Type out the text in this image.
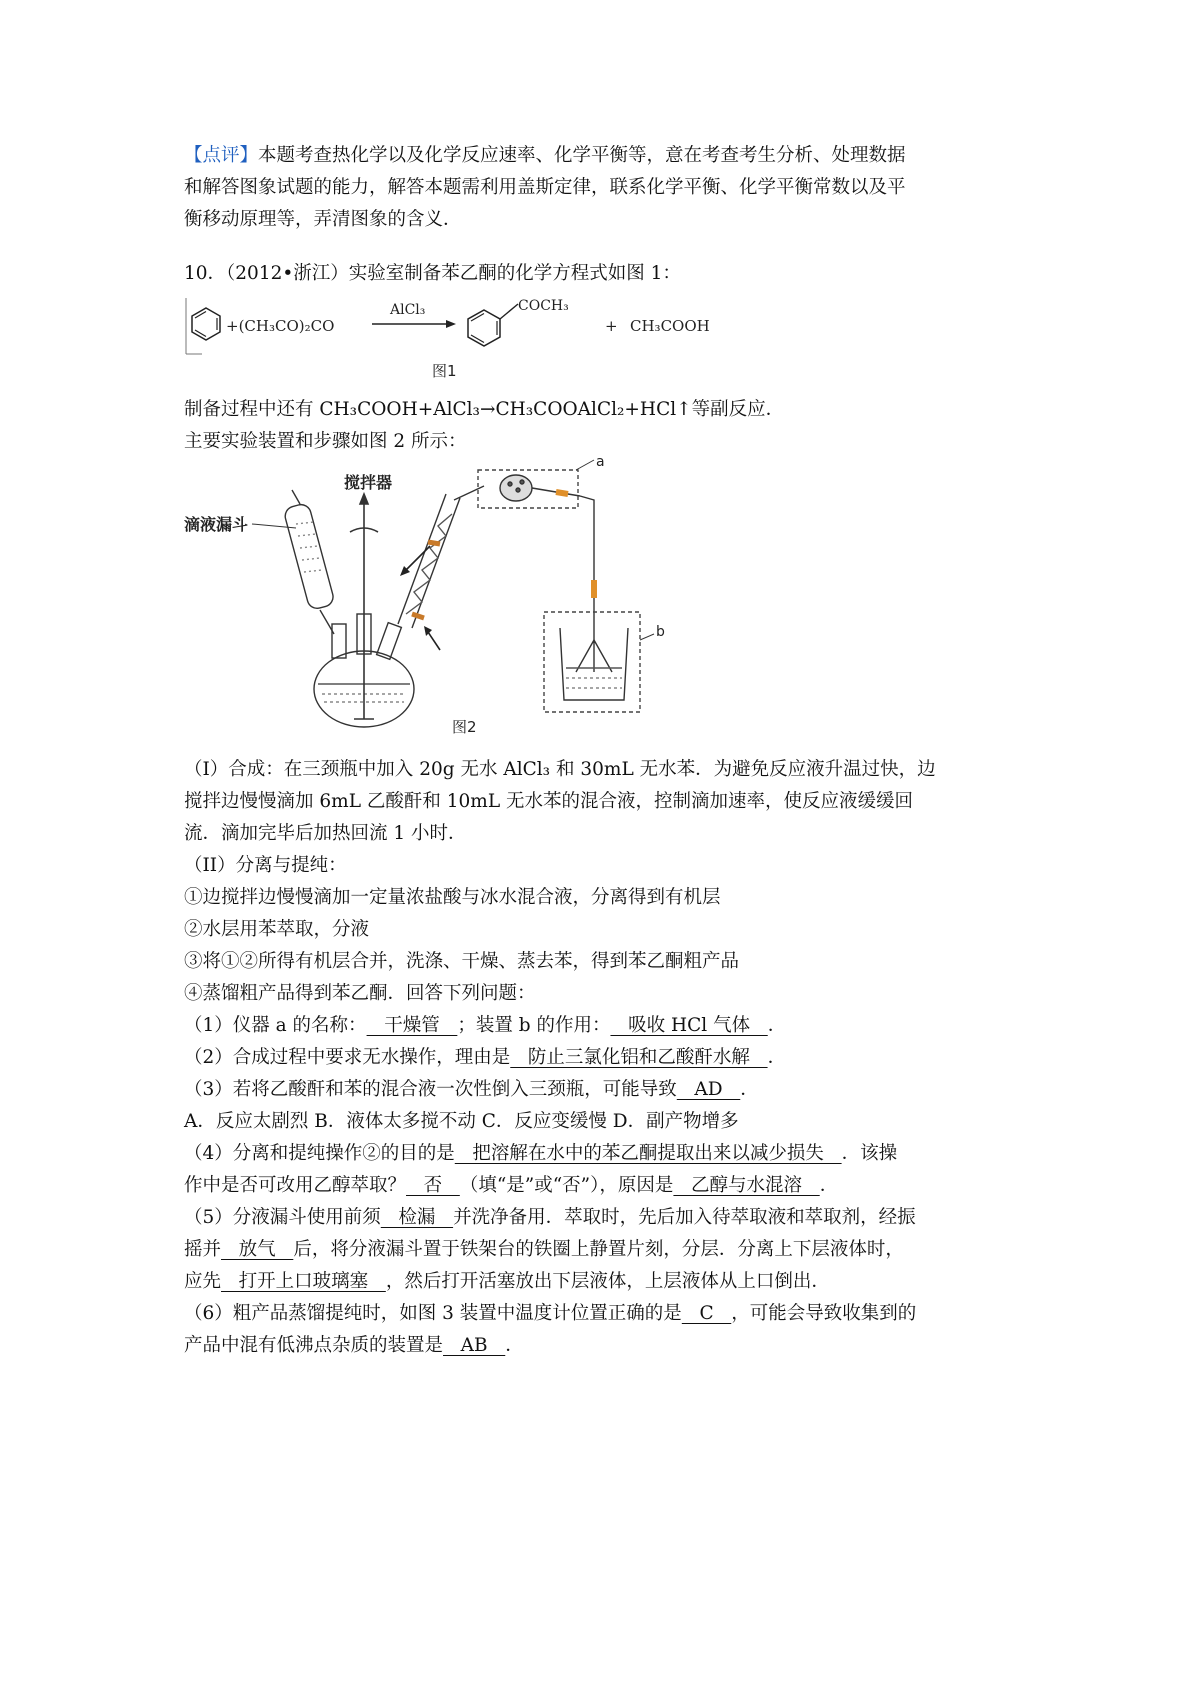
【点评】本题考查热化学以及化学反应速率、化学平衡等，意在考查考生分析、处理数据

和解答图象试题的能力，解答本题需利用盖斯定律，联系化学平衡、化学平衡常数以及平

衡移动原理等，弄清图象的含义．

10．（2012•浙江）实验室制备苯乙酮的化学方程式如图 1：

+(CH₃CO)₂CO
AlCl₃	COCH₃
+ CH₃COOH
图1

制备过程中还有 CH₃COOH+AlCl₃→CH₃COOAlCl₂+HCl↑等副反应．

主要实验装置和步骤如图 2 所示：

搅拌器
滴液漏斗
a
b
图2

（I）合成：在三颈瓶中加入 20g 无水 AlCl₃ 和 30mL 无水苯．为避免反应液升温过快，边

搅拌边慢慢滴加 6mL 乙酸酐和 10mL 无水苯的混合液，控制滴加速率，使反应液缓缓回

流．滴加完毕后加热回流 1 小时．

（II）分离与提纯：

①边搅拌边慢慢滴加一定量浓盐酸与冰水混合液，分离得到有机层

②水层用苯萃取，分液

③将①②所得有机层合并，洗涤、干燥、蒸去苯，得到苯乙酮粗产品

④蒸馏粗产品得到苯乙酮．回答下列问题：

（1）仪器 a 的名称：   干燥管   ；装置 b 的作用：   吸收 HCl 气体   ．

（2）合成过程中要求无水操作，理由是   防止三氯化铝和乙酸酐水解   ．

（3）若将乙酸酐和苯的混合液一次性倒入三颈瓶，可能导致   AD   ．

A．反应太剧烈 B．液体太多搅不动 C．反应变缓慢 D．副产物增多

（4）分离和提纯操作②的目的是   把溶解在水中的苯乙酮提取出来以减少损失   ．该操

作中是否可改用乙醇萃取？   否   （填“是”或“否”），原因是   乙醇与水混溶   ．

（5）分液漏斗使用前须   检漏   并洗净备用．萃取时，先后加入待萃取液和萃取剂，经振

摇并   放气   后，将分液漏斗置于铁架台的铁圈上静置片刻，分层．分离上下层液体时，

应先   打开上口玻璃塞   ，然后打开活塞放出下层液体，上层液体从上口倒出．

（6）粗产品蒸馏提纯时，如图 3 装置中温度计位置正确的是   C   ，可能会导致收集到的

产品中混有低沸点杂质的装置是   AB   ．
